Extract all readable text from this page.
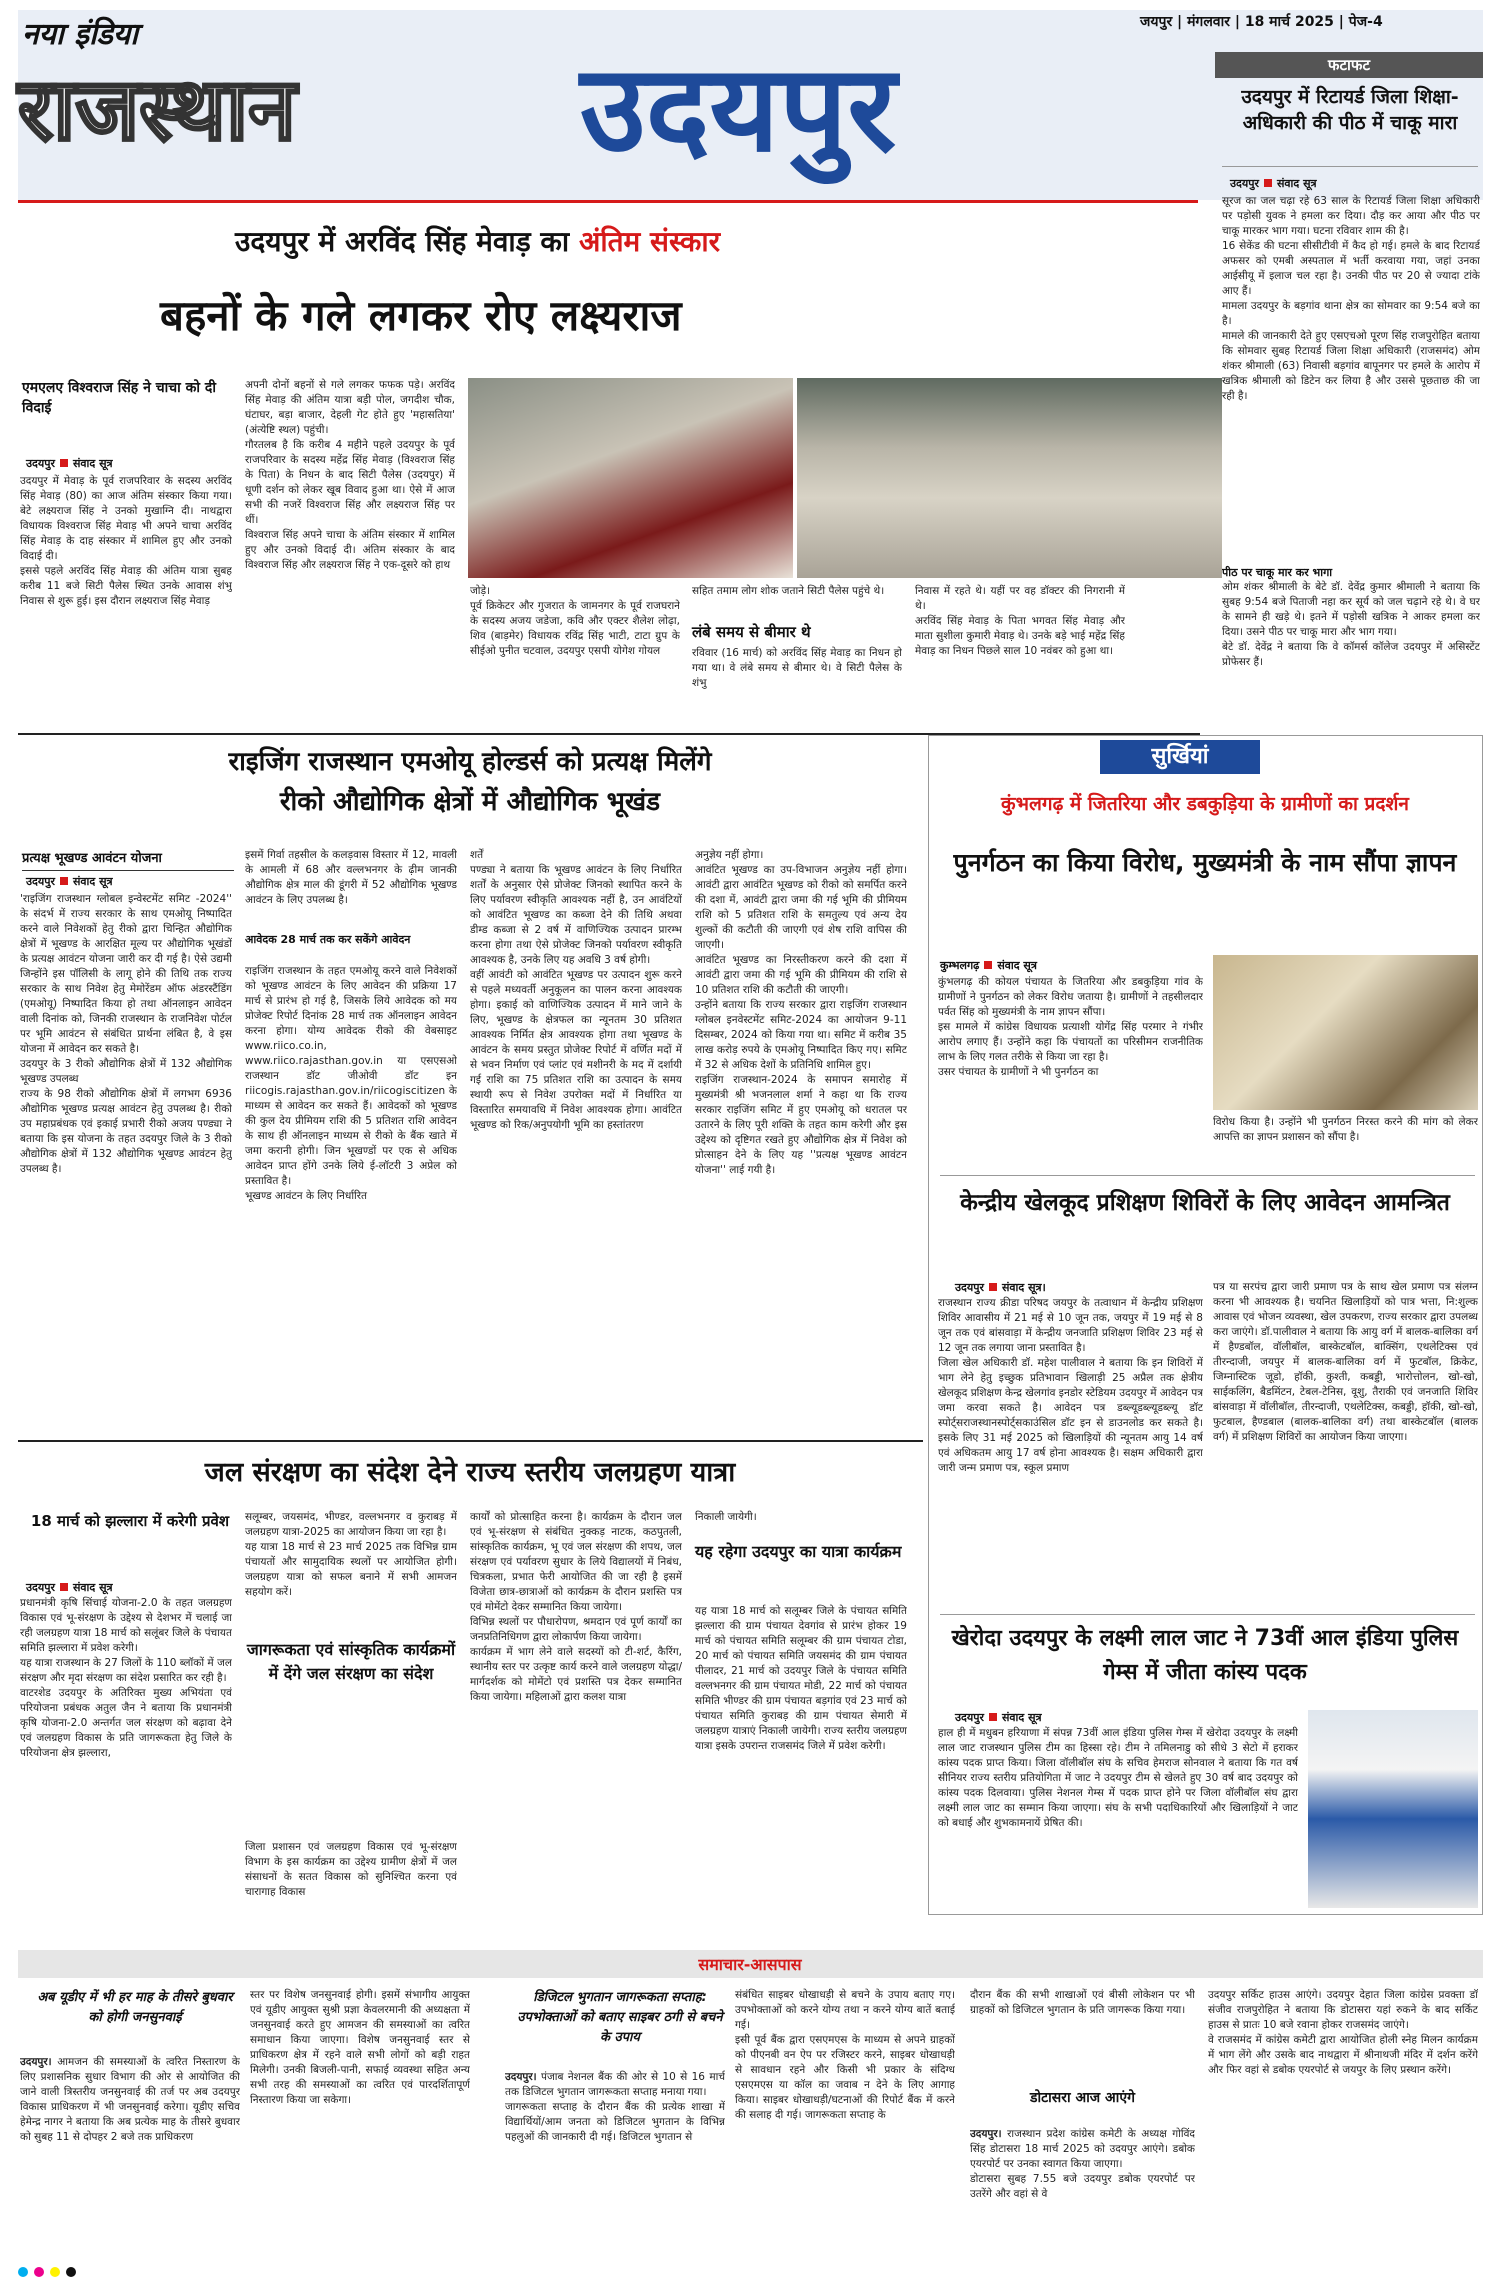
नया इंडिया
राजस्थान	उदयपुर
जयपुर | मंगलवार | 18 मार्च 2025 | पेज-4
फटाफट
उदयपुर में रिटायर्ड जिला शिक्षा-अधिकारी की पीठ में चाकू मारा
उदयपुर संवाद सूत्र
सूरज का जल चढ़ा रहे 63 साल के रिटायर्ड जिला शिक्षा अधिकारी पर पड़ोसी युवक ने हमला कर दिया। दौड़ कर आया और पीठ पर चाकू मारकर भाग गया। घटना रविवार शाम की है।
16 सेकेंड की घटना सीसीटीवी में कैद हो गई। हमले के बाद रिटायर्ड अफसर को एमबी अस्पताल में भर्ती करवाया गया, जहां उनका आईसीयू में इलाज चल रहा है। उनकी पीठ पर 20 से ज्यादा टांके आए हैं।
मामला उदयपुर के बड़गांव थाना क्षेत्र का सोमवार का 9:54 बजे का है।
मामले की जानकारी देते हुए एसएचओ पूरण सिंह राजपुरोहित बताया कि सोमवार सुबह रिटायर्ड जिला शिक्षा अधिकारी (राजसमंद) ओम शंकर श्रीमाली (63) निवासी बड़गांव बापूनगर पर हमले के आरोप में खत्रिक श्रीमाली को डिटेन कर लिया है और उससे पूछताछ की जा रही है।
पीठ पर चाकू मार कर भागा
ओम शंकर श्रीमाली के बेटे डॉ. देवेंद्र कुमार श्रीमाली ने बताया कि सुबह 9:54 बजे पिताजी नहा कर सूर्य को जल चढ़ाने रहे थे। वे घर के सामने ही खड़े थे। इतने में पड़ोसी खत्रिक ने आकर हमला कर दिया। उसने पीठ पर चाकू मारा और भाग गया।
बेटे डॉ. देवेंद्र ने बताया कि वे कॉमर्स कॉलेज उदयपुर में असिस्टेंट प्रोफेसर हैं।
उदयपुर में अरविंद सिंह मेवाड़ का अंतिम संस्कार
बहनों के गले लगकर रोए लक्ष्यराज
एमएलए विश्वराज सिंह ने चाचा को दी विदाई
उदयपुर संवाद सूत्र
उदयपुर में मेवाड़ के पूर्व राजपरिवार के सदस्य अरविंद सिंह मेवाड़ (80) का आज अंतिम संस्कार किया गया। बेटे लक्ष्यराज सिंह ने उनको मुखाग्नि दी। नाथद्वारा विधायक विश्वराज सिंह मेवाड़ भी अपने चाचा अरविंद सिंह मेवाड़ के दाह संस्कार में शामिल हुए और उनको विदाई दी।
इससे पहले अरविंद सिंह मेवाड़ की अंतिम यात्रा सुबह करीब 11 बजे सिटी पैलेस स्थित उनके आवास शंभु निवास से शुरू हुई। इस दौरान लक्ष्यराज सिंह मेवाड़
अपनी दोनों बहनों से गले लगकर फफक पड़े। अरविंद सिंह मेवाड़ की अंतिम यात्रा बड़ी पोल, जगदीश चौक, घंटाघर, बड़ा बाजार, देहली गेट होते हुए 'महासतिया' (अंत्येष्टि स्थल) पहुंची।
गौरतलब है कि करीब 4 महीने पहले उदयपुर के पूर्व राजपरिवार के सदस्य महेंद्र सिंह मेवाड़ (विश्वराज सिंह के पिता) के निधन के बाद सिटी पैलेस (उदयपुर) में धूणी दर्शन को लेकर खूब विवाद हुआ था। ऐसे में आज सभी की नजरें विश्वराज सिंह और लक्ष्यराज सिंह पर थीं।
विश्वराज सिंह अपने चाचा के अंतिम संस्कार में शामिल हुए और उनको विदाई दी। अंतिम संस्कार के बाद विश्वराज सिंह और लक्ष्यराज सिंह ने एक-दूसरे को हाथ
जोड़े।
पूर्व क्रिकेटर और गुजरात के जामनगर के पूर्व राजघराने के सदस्य अजय जडेजा, कवि और एक्टर शैलेश लोढ़ा, शिव (बाड़मेर) विधायक रविंद्र सिंह भाटी, टाटा ग्रुप के सीईओ पुनीत चटवाल, उदयपुर एसपी योगेश गोयल
सहित तमाम लोग शोक जताने सिटी पैलेस पहुंचे थे।
लंबे समय से बीमार थे
रविवार (16 मार्च) को अरविंद सिंह मेवाड़ का निधन हो गया था। वे लंबे समय से बीमार थे। वे सिटी पैलेस के शंभु
निवास में रहते थे। यहीं पर वह डॉक्टर की निगरानी में थे।
अरविंद सिंह मेवाड़ के पिता भगवत सिंह मेवाड़ और माता सुशीला कुमारी मेवाड़ थे। उनके बड़े भाई महेंद्र सिंह मेवाड़ का निधन पिछले साल 10 नवंबर को हुआ था।
राइजिंग राजस्थान एमओयू होल्डर्स को प्रत्यक्ष मिलेंगे
रीको औद्योगिक क्षेत्रों में औद्योगिक भूखंड
प्रत्यक्ष भूखण्ड आवंटन योजना
उदयपुर संवाद सूत्र
'राइजिंग राजस्थान ग्लोबल इन्वेस्टमेंट समिट -2024'' के संदर्भ में राज्य सरकार के साथ एमओयू निष्पादित करने वाले निवेशकों हेतु रीको द्वारा चिन्हित औद्योगिक क्षेत्रों में भूखण्ड के आरक्षित मूल्य पर औद्योगिक भूखंडों के प्रत्यक्ष आवंटन योजना जारी कर दी गई है। ऐसे उद्यमी जिन्होंने इस पॉलिसी के लागू होने की तिथि तक राज्य सरकार के साथ निवेश हेतु मेमोरेंडम ऑफ अंडरस्टैंडिंग (एमओयू) निष्पादित किया हो तथा ऑनलाइन आवेदन वाली दिनांक को, जिनकी राजस्थान के राजनिवेश पोर्टल पर भूमि आवंटन से संबंधित प्रार्थना लंबित है, वे इस योजना में आवेदन कर सकते है।
उदयपुर के 3 रीको औद्योगिक क्षेत्रों में 132 औद्योगिक भूखण्ड उपलब्ध
राज्य के 98 रीको औद्योगिक क्षेत्रों में लगभग 6936 औद्योगिक भूखण्ड प्रत्यक्ष आवंटन हेतु उपलब्ध है। रीको उप महाप्रबंधक एवं इकाई प्रभारी रीको अजय पण्ड्या ने बताया कि इस योजना के तहत उदयपुर जिले के 3 रीको औद्योगिक क्षेत्रों में 132 औद्योगिक भूखण्ड आवंटन हेतु उपलब्ध है।
इसमें गिर्वा तहसील के कलड़वास विस्तार में 12, मावली के आमली में 68 और वल्लभनगर के ढ़ीम जानकी औद्योगिक क्षेत्र माल की डूंगरी में 52 औद्योगिक भूखण्ड आवंटन के लिए उपलब्ध है।
आवेदक 28 मार्च तक कर सकेंगे आवेदन
राइजिंग राजस्थान के तहत एमओयू करने वाले निवेशकों को भूखण्ड आवंटन के लिए आवेदन की प्रक्रिया 17 मार्च से प्रारंभ हो गई है, जिसके लिये आवेदक को मय प्रोजेक्ट रिपोर्ट दिनांक 28 मार्च तक ऑनलाइन आवेदन करना होगा। योग्य आवेदक रीको की वेबसाइट www.riico.co.in, www.riico.rajasthan.gov.in या एसएसओ राजस्थान डॉट जीओवी डॉट इन riicogis.rajasthan.gov.in/riicogiscitizen के माध्यम से आवेदन कर सकते हैं। आवेदकों को भूखण्ड की कुल देय प्रीमियम राशि की 5 प्रतिशत राशि आवेदन के साथ ही ऑनलाइन माध्यम से रीको के बैंक खाते में जमा करानी होगी। जिन भूखण्डों पर एक से अधिक आवेदन प्राप्त होंगे उनके लिये ई-लॉटरी 3 अप्रेल को प्रस्तावित है।
भूखण्ड आवंटन के लिए निर्धारित
शर्तें
पण्ड्या ने बताया कि भूखण्ड आवंटन के लिए निर्धारित शर्तों के अनुसार ऐसे प्रोजेक्ट जिनको स्थापित करने के लिए पर्यावरण स्वीकृति आवश्यक नहीं है, उन आवंटियों को आवंटित भूखण्ड का कब्जा देने की तिथि अथवा डीम्ड कब्जा से 2 वर्ष में वाणिज्यिक उत्पादन प्रारम्भ करना होगा तथा ऐसे प्रोजेक्ट जिनको पर्यावरण स्वीकृति आवश्यक है, उनके लिए यह अवधि 3 वर्ष होगी।
वहीं आवंटी को आवंटित भूखण्ड पर उत्पादन शुरू करने से पहले मध्यवर्ती अनुकूलन का पालन करना आवश्यक होगा। इकाई को वाणिज्यिक उत्पादन में माने जाने के लिए, भूखण्ड के क्षेत्रफल का न्यूनतम 30 प्रतिशत आवश्यक निर्मित क्षेत्र आवश्यक होगा तथा भूखण्ड के आवंटन के समय प्रस्तुत प्रोजेक्ट रिपोर्ट में वर्णित मदों में से भवन निर्माण एवं प्लांट एवं मशीनरी के मद में दर्शायी गई राशि का 75 प्रतिशत राशि का उत्पादन के समय स्थायी रूप से निवेश उपरोक्त मदों में निर्धारित या विस्तारित समयावधि में निवेश आवश्यक होगा। आवंटित भूखण्ड को रिक/अनुपयोगी भूमि का हस्तांतरण
अनुज्ञेय नहीं होगा।
आवंटित भूखण्ड का उप-विभाजन अनुज्ञेय नहीं होगा। आवंटी द्वारा आवंटित भूखण्ड को रीको को समर्पित करने की दशा में, आवंटी द्वारा जमा की गई भूमि की प्रीमियम राशि को 5 प्रतिशत राशि के समतुल्य एवं अन्य देय शुल्कों की कटौती की जाएगी एवं शेष राशि वापिस की जाएगी।
आवंटित भूखण्ड का निरस्तीकरण करने की दशा में आवंटी द्वारा जमा की गई भूमि की प्रीमियम की राशि से 10 प्रतिशत राशि की कटौती की जाएगी।
उन्होंने बताया कि राज्य सरकार द्वारा राइजिंग राजस्थान ग्लोबल इनवेस्टमेंट समिट-2024 का आयोजन 9-11 दिसम्बर, 2024 को किया गया था। समिट में करीब 35 लाख करोड़ रुपये के एमओयू निष्पादित किए गए। समिट में 32 से अधिक देशों के प्रतिनिधि शामिल हुए।
राइजिंग राजस्थान-2024 के समापन समारोह में मुख्यमंत्री श्री भजनलाल शर्मा ने कहा था कि राज्य सरकार राइजिंग समिट में हुए एमओयू को धरातल पर उतारने के लिए पूरी शक्ति के तहत काम करेगी और इस उद्देश्य को दृष्टिगत रखते हुए औद्योगिक क्षेत्र में निवेश को प्रोत्साहन देने के लिए यह ''प्रत्यक्ष भूखण्ड आवंटन योजना'' लाई गयी है।
सुर्खियां
कुंभलगढ़ में जितरिया और डबकुड़िया के ग्रामीणों का प्रदर्शन
पुनर्गठन का किया विरोध, मुख्यमंत्री के नाम सौंपा ज्ञापन
कुम्भलगढ़ संवाद सूत्र
कुंभलगढ़ की कोयल पंचायत के जितरिया और डबकुड़िया गांव के ग्रामीणों ने पुनर्गठन को लेकर विरोध जताया है। ग्रामीणों ने तहसीलदार पर्वत सिंह को मुख्यमंत्री के नाम ज्ञापन सौंपा।
इस मामले में कांग्रेस विधायक प्रत्याशी योगेंद्र सिंह परमार ने गंभीर आरोप लगाए हैं। उन्होंने कहा कि पंचायतों का परिसीमन राजनीतिक लाभ के लिए गलत तरीके से किया जा रहा है।
उसर पंचायत के ग्रामीणों ने भी पुनर्गठन का
विरोध किया है। उन्होंने भी पुनर्गठन निरस्त करने की मांग को लेकर आपत्ति का ज्ञापन प्रशासन को सौंपा है।
केन्द्रीय खेलकूद प्रशिक्षण शिविरों के लिए आवेदन आमन्त्रित
उदयपुर संवाद सूत्र।
राजस्थान राज्य क्रीडा परिषद जयपुर के तत्वाधान में केन्द्रीय प्रशिक्षण शिविर आवासीय में 21 मई से 10 जून तक, जयपुर में 19 मई से 8 जून तक एवं बांसवाड़ा में केन्द्रीय जनजाति प्रशिक्षण शिविर 23 मई से 12 जून तक लगाया जाना प्रस्तावित है।
जिला खेल अधिकारी डॉ. महेश पालीवाल ने बताया कि इन शिविरों में भाग लेने हेतु इच्छुक प्रतिभावान खिलाड़ी 25 अप्रैल तक क्षेत्रीय खेलकूद प्रशिक्षण केन्द्र खेलगांव इनडोर स्टेडियम उदयपुर में आवेदन पत्र जमा करवा सकते है। आवेदन पत्र डब्ल्यूडब्ल्यूडब्ल्यू डॉट स्पोर्ट्सराजस्थानस्पोर्ट्सकाउंसिल डॉट इन से डाउनलोड कर सकते है। इसके लिए 31 मई 2025 को खिलाड़ियों की न्यूनतम आयु 14 वर्ष एवं अधिकतम आयु 17 वर्ष होना आवश्यक है। सक्षम अधिकारी द्वारा जारी जन्म प्रमाण पत्र, स्कूल प्रमाण
पत्र या सरपंच द्वारा जारी प्रमाण पत्र के साथ खेल प्रमाण पत्र संलग्न करना भी आवश्यक है। चयनित खिलाड़ियों को पात्र भत्ता, नि:शुल्क आवास एवं भोजन व्यवस्था, खेल उपकरण, राज्य सरकार द्वारा उपलब्ध करा जाएंगे। डॉ.पालीवाल ने बताया कि आयु वर्ग में बालक-बालिका वर्ग में हैण्डबॉल, वॉलीबॉल, बास्केटबॉल, बाक्सिंग, एथलेटिक्स एवं तीरन्दाजी, जयपुर में बालक-बालिका वर्ग में फुटबॉल, क्रिकेट, जिम्नास्टिक जूडो, हॉकी, कुश्ती, कबड्डी, भारोत्तोलन, खो-खो, साईकलिंग, बैडमिंटन, टेबल-टेनिस, वूशु, तैराकी एवं जनजाति शिविर बांसवाड़ा में वॉलीबॉल, तीरन्दाजी, एथलेटिक्स, कबड्डी, हॉकी, खो-खो, फुटबाल, हैण्डबाल (बालक-बालिका वर्ग) तथा बास्केटबॉल (बालक वर्ग) में प्रशिक्षण शिविरों का आयोजन किया जाएगा।
खेरोदा उदयपुर के लक्ष्मी लाल जाट ने 73वीं आल इंडिया पुलिस गेम्स में जीता कांस्य पदक
उदयपुर संवाद सूत्र
हाल ही में मधुबन हरियाणा में संपन्न 73वीं आल इंडिया पुलिस गेम्स में खेरोदा उदयपुर के लक्ष्मी लाल जाट राजस्थान पुलिस टीम का हिस्सा रहे। टीम ने तमिलनाडु को सीधे 3 सेटो में हराकर कांस्य पदक प्राप्त किया। जिला वॉलीबॉल संघ के सचिव हेमराज सोनवाल ने बताया कि गत वर्ष सीनियर राज्य स्तरीय प्रतियोगिता में जाट ने उदयपुर टीम से खेलते हुए 30 वर्ष बाद उदयपुर को कांस्य पदक दिलवाया। पुलिस नेशनल गेम्स में पदक प्राप्त होने पर जिला वॉलीबॉल संघ द्वारा लक्ष्मी लाल जाट का सम्मान किया जाएगा। संघ के सभी पदाधिकारियों और खिलाड़ियों ने जाट को बधाई और शुभकामनायें प्रेषित की।
जल संरक्षण का संदेश देने राज्य स्तरीय जलग्रहण यात्रा
18 मार्च को झल्लारा में करेगी प्रवेश
उदयपुर संवाद सूत्र
प्रधानमंत्री कृषि सिंचाई योजना-2.0 के तहत जलग्रहण विकास एवं भू-संरक्षण के उद्देश्य से देशभर में चलाई जा रही जलग्रहण यात्रा 18 मार्च को सलूंबर जिले के पंचायत समिति झल्लारा में प्रवेश करेगी।
यह यात्रा राजस्थान के 27 जिलों के 110 ब्लॉकों में जल संरक्षण और मृदा संरक्षण का संदेश प्रसारित कर रही है।
वाटरशेड उदयपुर के अतिरिक्त मुख्य अभियंता एवं परियोजना प्रबंधक अतुल जैन ने बताया कि प्रधानमंत्री कृषि योजना-2.0 अन्तर्गत जल संरक्षण को बढ़ावा देने एवं जलग्रहण विकास के प्रति जागरूकता हेतु जिले के परियोजना क्षेत्र झल्लारा,
सलूम्बर, जयसमंद, भीण्डर, वल्लभनगर व कुराबड़ में जलग्रहण यात्रा-2025 का आयोजन किया जा रहा है।
यह यात्रा 18 मार्च से 23 मार्च 2025 तक विभिन्न ग्राम पंचायतों और सामुदायिक स्थलों पर आयोजित होगी। जलग्रहण यात्रा को सफल बनाने में सभी आमजन सहयोग करें।
जागरूकता एवं सांस्कृतिक कार्यक्रमों में देंगे जल संरक्षण का संदेश
जिला प्रशासन एवं जलग्रहण विकास एवं भू-संरक्षण विभाग के इस कार्यक्रम का उद्देश्य ग्रामीण क्षेत्रों में जल संसाधनों के सतत विकास को सुनिश्चित करना एवं चारागाह विकास
कार्यों को प्रोत्साहित करना है। कार्यक्रम के दौरान जल एवं भू-संरक्षण से संबंधित नुक्कड़ नाटक, कठपुतली, सांस्कृतिक कार्यक्रम, भू एवं जल संरक्षण की शपथ, जल संरक्षण एवं पर्यावरण सुधार के लिये विद्यालयों में निबंध, चित्रकला, प्रभात फेरी आयोजित की जा रही है इसमें विजेता छात्र-छात्राओं को कार्यक्रम के दौरान प्रशस्ति पत्र एवं मोमेंटो देकर सम्मानित किया जायेगा।
विभिन्न स्थलों पर पौधारोपण, श्रमदान एवं पूर्ण कार्यों का जनप्रतिनिधिगण द्वारा लोकार्पण किया जायेगा।
कार्यक्रम में भाग लेने वाले सदस्यों को टी-शर्ट, कैरिंग, स्थानीय स्तर पर उत्कृष्ट कार्य करने वाले जलग्रहण योद्धा/मार्गदर्शक को मोमेंटो एवं प्रशस्ति पत्र देकर सम्मानित किया जायेगा। महिलाओं द्वारा कलश यात्रा
निकाली जायेगी।
यह रहेगा उदयपुर का यात्रा कार्यक्रम
यह यात्रा 18 मार्च को सलूम्बर जिले के पंचायत समिति झल्लारा की ग्राम पंचायत देवगांव से प्रारंभ होकर 19 मार्च को पंचायत समिति सलूम्बर की ग्राम पंचायत टोडा, 20 मार्च को पंचायत समिति जयसमंद की ग्राम पंचायत पीलादर, 21 मार्च को उदयपुर जिले के पंचायत समिति वल्लभनगर की ग्राम पंचायत मोडी, 22 मार्च को पंचायत समिति भीण्डर की ग्राम पंचायत बड़गांव एवं 23 मार्च को पंचायत समिति कुराबड़ की ग्राम पंचायत सेमारी में जलग्रहण यात्राएं निकाली जायेगी। राज्य स्तरीय जलग्रहण यात्रा इसके उपरान्त राजसमंद जिले में प्रवेश करेगी।
समाचार-आसपास
अब यूडीए में भी हर माह के तीसरे बुधवार को होगी जनसुनवाई

उदयपुर। आमजन की समस्याओं के त्वरित निस्तारण के लिए प्रशासनिक सुधार विभाग की ओर से आयोजित की जाने वाली त्रिस्तरीय जनसुनवाई की तर्ज पर अब उदयपुर विकास प्राधिकरण में भी जनसुनवाई करेगा। यूडीए सचिव हेमेन्द्र नागर ने बताया कि अब प्रत्येक माह के तीसरे बुधवार को सुबह 11 से दोपहर 2 बजे तक प्राधिकरण

स्तर पर विशेष जनसुनवाई होगी। इसमें संभागीय आयुक्त एवं यूडीए आयुक्त सुश्री प्रज्ञा केवलरमानी की अध्यक्षता में जनसुनवाई करते हुए आमजन की समस्याओं का त्वरित समाधान किया जाएगा। विशेष जनसुनवाई स्तर से प्राधिकरण क्षेत्र में रहने वाले सभी लोगों को बड़ी राहत मिलेगी। उनकी बिजली-पानी, सफाई व्यवस्था सहित अन्य सभी तरह की समस्याओं का त्वरित एवं पारदर्शितापूर्ण निस्तारण किया जा सकेगा।
डिजिटल भुगतान जागरूकता सप्ताह: उपभोक्ताओं को बताए साइबर ठगी से बचने के उपाय

उदयपुर। पंजाब नेशनल बैंक की ओर से 10 से 16 मार्च तक डिजिटल भुगतान जागरूकता सप्ताह मनाया गया।
जागरूकता सप्ताह के दौरान बैंक की प्रत्येक शाखा में विद्यार्थियों/आम जनता को डिजिटल भुगतान के विभिन्न पहलुओं की जानकारी दी गई। डिजिटल भुगतान से

संबंधित साइबर धोखाधड़ी से बचने के उपाय बताए गए। उपभोक्ताओं को करने योग्य तथा न करने योग्य बातें बताई गई।
इसी पूर्व बैंक द्वारा एसएमएस के माध्यम से अपने ग्राहकों को पीएनबी वन ऐप पर रजिस्टर करने, साइबर धोखाधड़ी से सावधान रहने और किसी भी प्रकार के संदिग्ध एसएमएस या कॉल का जवाब न देने के लिए आगाह किया। साइबर धोखाधड़ी/घटनाओं की रिपोर्ट बैंक में करने की सलाह दी गई। जागरूकता सप्ताह के
दौरान बैंक की सभी शाखाओं एवं बीसी लोकेशन पर भी ग्राहकों को डिजिटल भुगतान के प्रति जागरूक किया गया।
डोटासरा आज आएंगे

उदयपुर। राजस्थान प्रदेश कांग्रेस कमेटी के अध्यक्ष गोविंद सिंह डोटासरा 18 मार्च 2025 को उदयपुर आएंगे। डबोक एयरपोर्ट पर उनका स्वागत किया जाएगा।
डोटासरा सुबह 7.55 बजे उदयपुर डबोक एयरपोर्ट पर उतरेंगे और वहां से वे

उदयपुर सर्किट हाउस आएंगे। उदयपुर देहात जिला कांग्रेस प्रवक्ता डॉ संजीव राजपुरोहित ने बताया कि डोटासरा यहां रुकने के बाद सर्किट हाउस से प्रातः 10 बजे रवाना होकर राजसमंद जाएंगे।
वे राजसमंद में कांग्रेस कमेटी द्वारा आयोजित होली स्नेह मिलन कार्यक्रम में भाग लेंगे और उसके बाद नाथद्वारा में श्रीनाथजी मंदिर में दर्शन करेंगे और फिर वहां से डबोक एयरपोर्ट से जयपुर के लिए प्रस्थान करेंगे।
